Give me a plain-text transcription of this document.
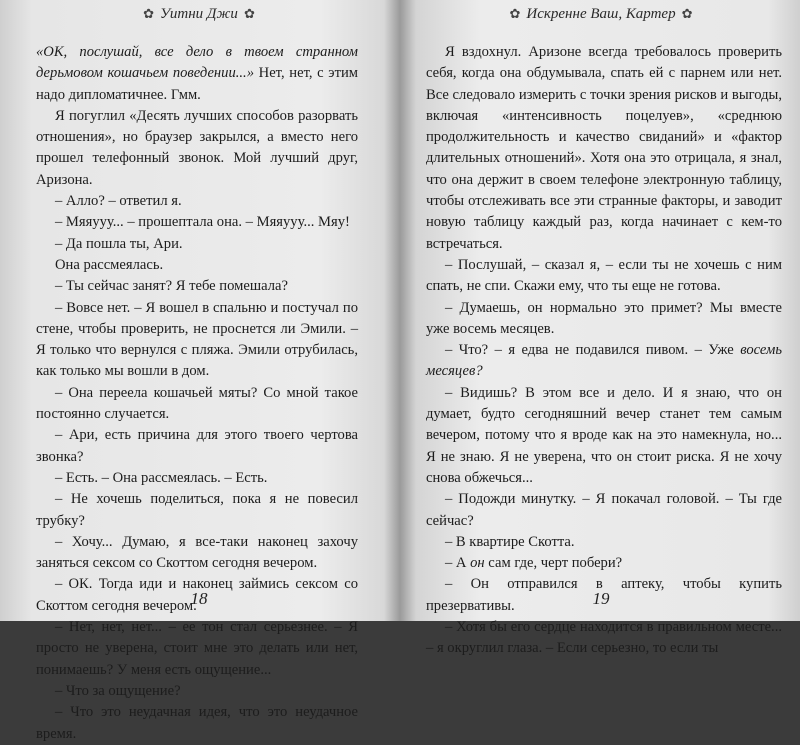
✿ Уитни Джи ✿

«ОК, послушай, все дело в твоем странном дерьмовом кошачьем поведении...» Нет, нет, с этим надо дипломатичнее. Гмм.

Я погуглил «Десять лучших способов разорвать отношения», но браузер закрылся, а вместо него прошел телефонный звонок. Мой лучший друг, Аризона.

– Алло? – ответил я.

– Мяяууу... – прошептала она. – Мяяууу... Мяу!

– Да пошла ты, Ари.

Она рассмеялась.

– Ты сейчас занят? Я тебе помешала?

– Вовсе нет. – Я вошел в спальню и постучал по стене, чтобы проверить, не проснется ли Эмили. – Я только что вернулся с пляжа. Эмили отрубилась, как только мы вошли в дом.

– Она переела кошачьей мяты? Со мной такое постоянно случается.

– Ари, есть причина для этого твоего чертова звонка?

– Есть. – Она рассмеялась. – Есть.

– Не хочешь поделиться, пока я не повесил трубку?

– Хочу... Думаю, я все-таки наконец захочу заняться сексом со Скоттом сегодня вечером.

– ОК. Тогда иди и наконец займись сексом со Скоттом сегодня вечером.

– Нет, нет, нет... – ее тон стал серьезнее. – Я просто не уверена, стоит мне это делать или нет, понимаешь? У меня есть ощущение...

– Что за ощущение?

– Что это неудачная идея, что это неудачное время.

18
✿ Искренне Ваш, Картер ✿

Я вздохнул. Аризоне всегда требовалось проверить себя, когда она обдумывала, спать ей с парнем или нет. Все следовало измерить с точки зрения рисков и выгоды, включая «интенсивность поцелуев», «среднюю продолжительность и качество свиданий» и «фактор длительных отношений». Хотя она это отрицала, я знал, что она держит в своем телефоне электронную таблицу, чтобы отслеживать все эти странные факторы, и заводит новую таблицу каждый раз, когда начинает с кем-то встречаться.

– Послушай, – сказал я, – если ты не хочешь с ним спать, не спи. Скажи ему, что ты еще не готова.

– Думаешь, он нормально это примет? Мы вместе уже восемь месяцев.

– Что? – я едва не подавился пивом. – Уже восемь месяцев?

– Видишь? В этом все и дело. И я знаю, что он думает, будто сегодняшний вечер станет тем самым вечером, потому что я вроде как на это намекнула, но... Я не знаю. Я не уверена, что он стоит риска. Я не хочу снова обжечься...

– Подожди минутку. – Я покачал головой. – Ты где сейчас?

– В квартире Скотта.

– А он сам где, черт побери?

– Он отправился в аптеку, чтобы купить презервативы.

– Хотя бы его сердце находится в правильном месте... – я округлил глаза. – Если серьезно, то если ты

19
